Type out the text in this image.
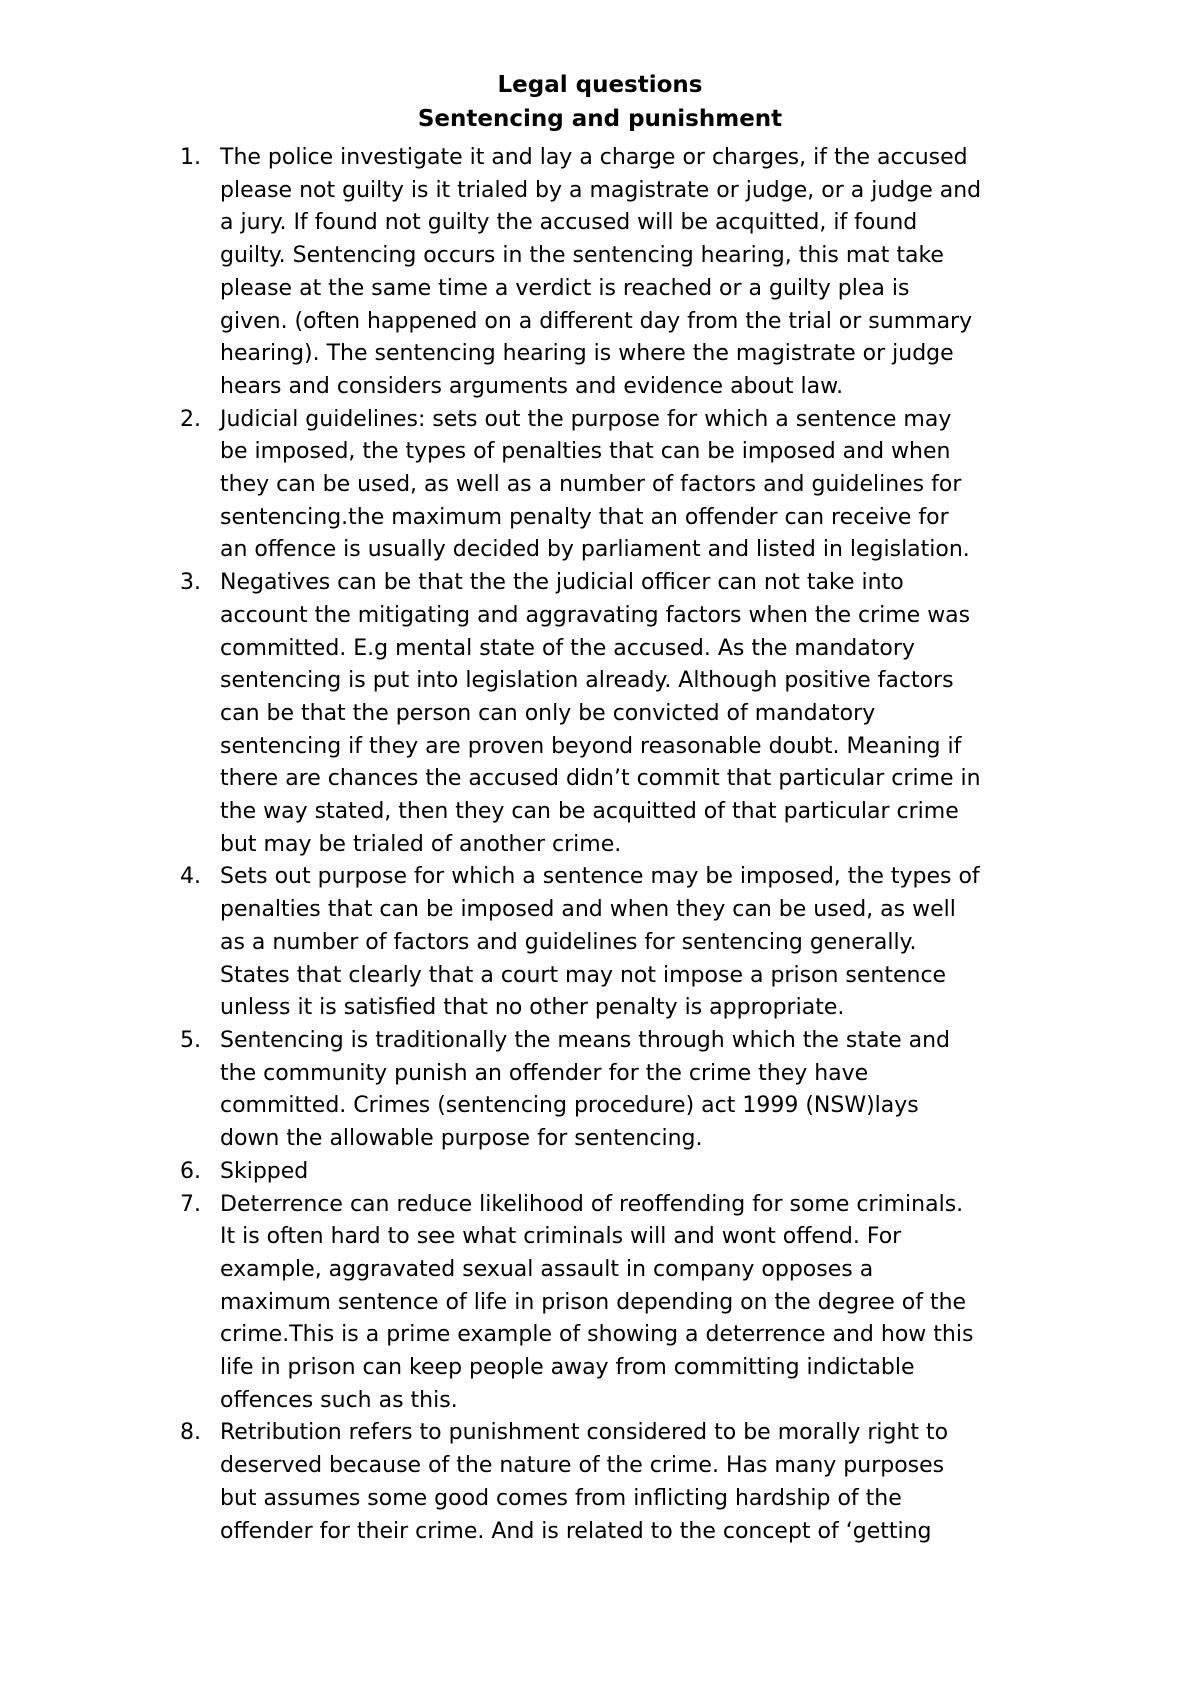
Legal questions
Sentencing and punishment
1. The police investigate it and lay a charge or charges, if the accused
please not guilty is it trialed by a magistrate or judge, or a judge and
a jury. If found not guilty the accused will be acquitted, if found
guilty. Sentencing occurs in the sentencing hearing, this mat take
please at the same time a verdict is reached or a guilty plea is
given. (often happened on a different day from the trial or summary
hearing). The sentencing hearing is where the magistrate or judge
hears and considers arguments and evidence about law.
2. Judicial guidelines: sets out the purpose for which a sentence may
be imposed, the types of penalties that can be imposed and when
they can be used, as well as a number of factors and guidelines for
sentencing.the maximum penalty that an offender can receive for
an offence is usually decided by parliament and listed in legislation.
3. Negatives can be that the the judicial officer can not take into
account the mitigating and aggravating factors when the crime was
committed. E.g mental state of the accused. As the mandatory
sentencing is put into legislation already. Although positive factors
can be that the person can only be convicted of mandatory
sentencing if they are proven beyond reasonable doubt. Meaning if
there are chances the accused didn’t commit that particular crime in
the way stated, then they can be acquitted of that particular crime
but may be trialed of another crime.
4. Sets out purpose for which a sentence may be imposed, the types of
penalties that can be imposed and when they can be used, as well
as a number of factors and guidelines for sentencing generally.
States that clearly that a court may not impose a prison sentence
unless it is satisfied that no other penalty is appropriate.
5. Sentencing is traditionally the means through which the state and
the community punish an offender for the crime they have
committed. Crimes (sentencing procedure) act 1999 (NSW)lays
down the allowable purpose for sentencing.
6. Skipped
7. Deterrence can reduce likelihood of reoffending for some criminals.
It is often hard to see what criminals will and wont offend. For
example, aggravated sexual assault in company opposes a
maximum sentence of life in prison depending on the degree of the
crime.This is a prime example of showing a deterrence and how this
life in prison can keep people away from committing indictable
offences such as this.
8. Retribution refers to punishment considered to be morally right to
deserved because of the nature of the crime. Has many purposes
but assumes some good comes from inflicting hardship of the
offender for their crime. And is related to the concept of ‘getting
